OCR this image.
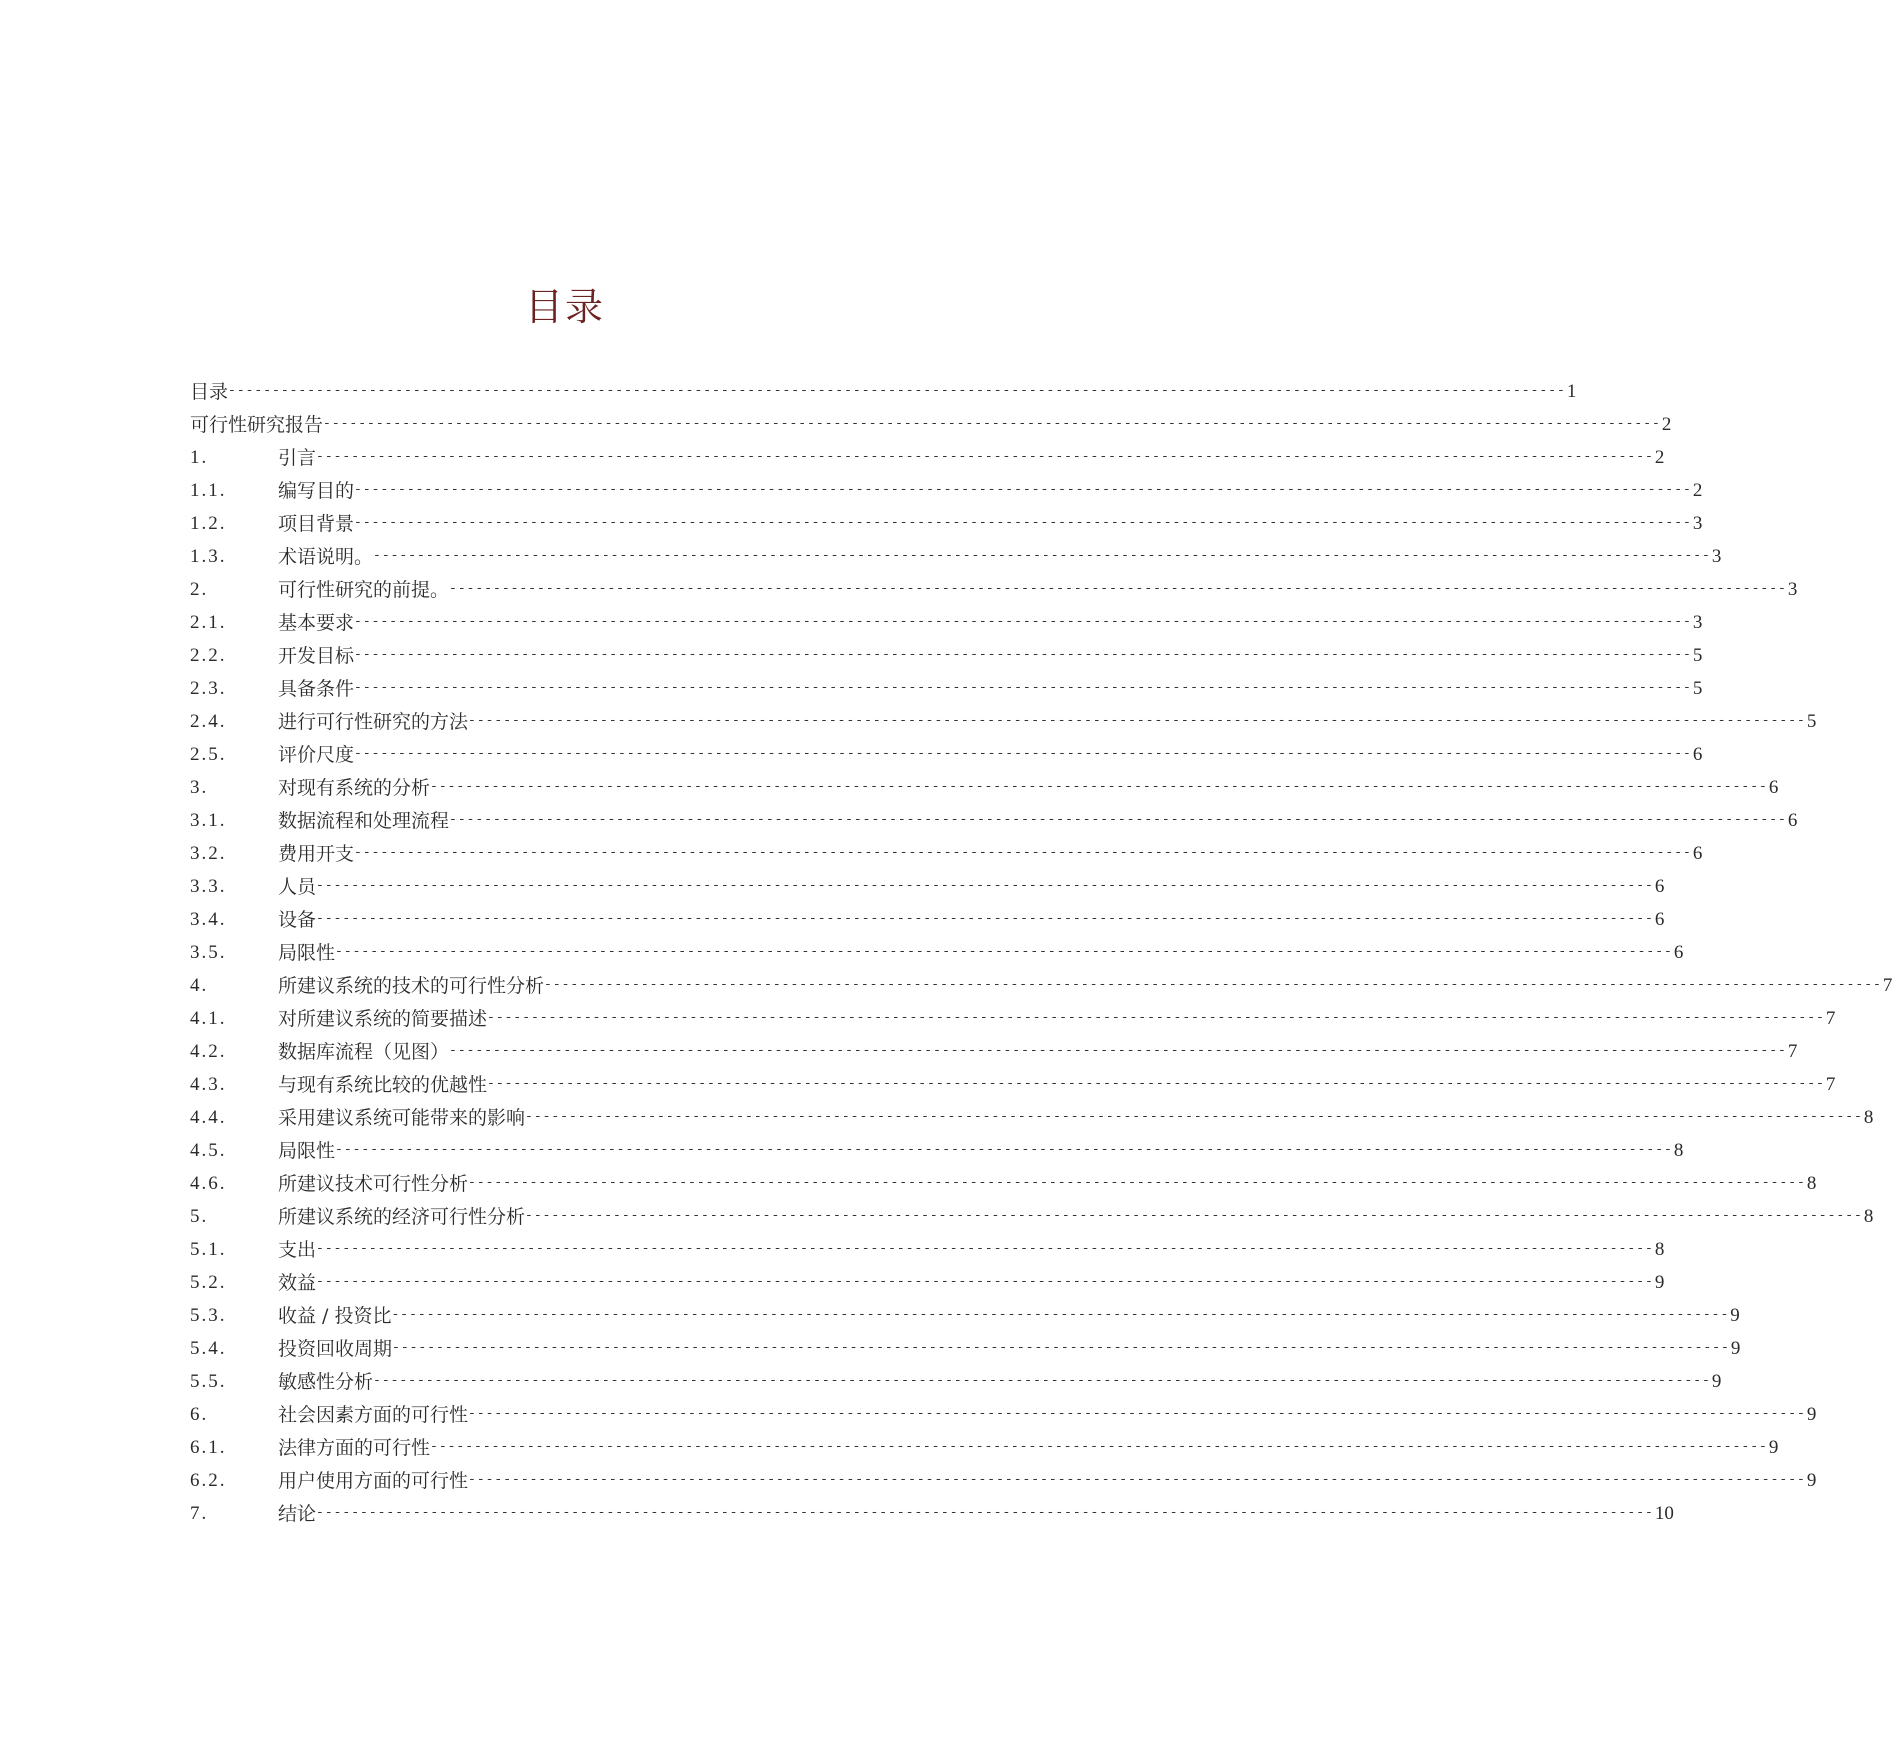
目录
目录 -------------------------------------------------------------------------------------------------------------------------------------------------------- 1
可行性研究报告 -------------------------------------------------------------------------------------------------------------------------------------------------------- 2
1.	引言 -------------------------------------------------------------------------------------------------------------------------------------------------------- 2
1.1.	编写目的 -------------------------------------------------------------------------------------------------------------------------------------------------------- 2
1.2.	项目背景 -------------------------------------------------------------------------------------------------------------------------------------------------------- 3
1.3.	术语说明。 -------------------------------------------------------------------------------------------------------------------------------------------------------- 3
2.	可行性研究的前提。 -------------------------------------------------------------------------------------------------------------------------------------------------------- 3
2.1.	基本要求 -------------------------------------------------------------------------------------------------------------------------------------------------------- 3
2.2.	开发目标 -------------------------------------------------------------------------------------------------------------------------------------------------------- 5
2.3.	具备条件 -------------------------------------------------------------------------------------------------------------------------------------------------------- 5
2.4.	进行可行性研究的方法 -------------------------------------------------------------------------------------------------------------------------------------------------------- 5
2.5.	评价尺度 -------------------------------------------------------------------------------------------------------------------------------------------------------- 6
3.	对现有系统的分析 -------------------------------------------------------------------------------------------------------------------------------------------------------- 6
3.1.	数据流程和处理流程 -------------------------------------------------------------------------------------------------------------------------------------------------------- 6
3.2.	费用开支 -------------------------------------------------------------------------------------------------------------------------------------------------------- 6
3.3.	人员 -------------------------------------------------------------------------------------------------------------------------------------------------------- 6
3.4.	设备 -------------------------------------------------------------------------------------------------------------------------------------------------------- 6
3.5.	局限性 -------------------------------------------------------------------------------------------------------------------------------------------------------- 6
4.	所建议系统的技术的可行性分析 -------------------------------------------------------------------------------------------------------------------------------------------------------- 7
4.1.	对所建议系统的简要描述 -------------------------------------------------------------------------------------------------------------------------------------------------------- 7
4.2.	数据库流程（见图） -------------------------------------------------------------------------------------------------------------------------------------------------------- 7
4.3.	与现有系统比较的优越性 -------------------------------------------------------------------------------------------------------------------------------------------------------- 7
4.4.	采用建议系统可能带来的影响 -------------------------------------------------------------------------------------------------------------------------------------------------------- 8
4.5.	局限性 -------------------------------------------------------------------------------------------------------------------------------------------------------- 8
4.6.	所建议技术可行性分析 -------------------------------------------------------------------------------------------------------------------------------------------------------- 8
5.	所建议系统的经济可行性分析 -------------------------------------------------------------------------------------------------------------------------------------------------------- 8
5.1.	支出 -------------------------------------------------------------------------------------------------------------------------------------------------------- 8
5.2.	效益 -------------------------------------------------------------------------------------------------------------------------------------------------------- 9
5.3.	收益 / 投资比 -------------------------------------------------------------------------------------------------------------------------------------------------------- 9
5.4.	投资回收周期 -------------------------------------------------------------------------------------------------------------------------------------------------------- 9
5.5.	敏感性分析 -------------------------------------------------------------------------------------------------------------------------------------------------------- 9
6.	社会因素方面的可行性 -------------------------------------------------------------------------------------------------------------------------------------------------------- 9
6.1.	法律方面的可行性 -------------------------------------------------------------------------------------------------------------------------------------------------------- 9
6.2.	用户使用方面的可行性 -------------------------------------------------------------------------------------------------------------------------------------------------------- 9
7.	结论 -------------------------------------------------------------------------------------------------------------------------------------------------------- 10
